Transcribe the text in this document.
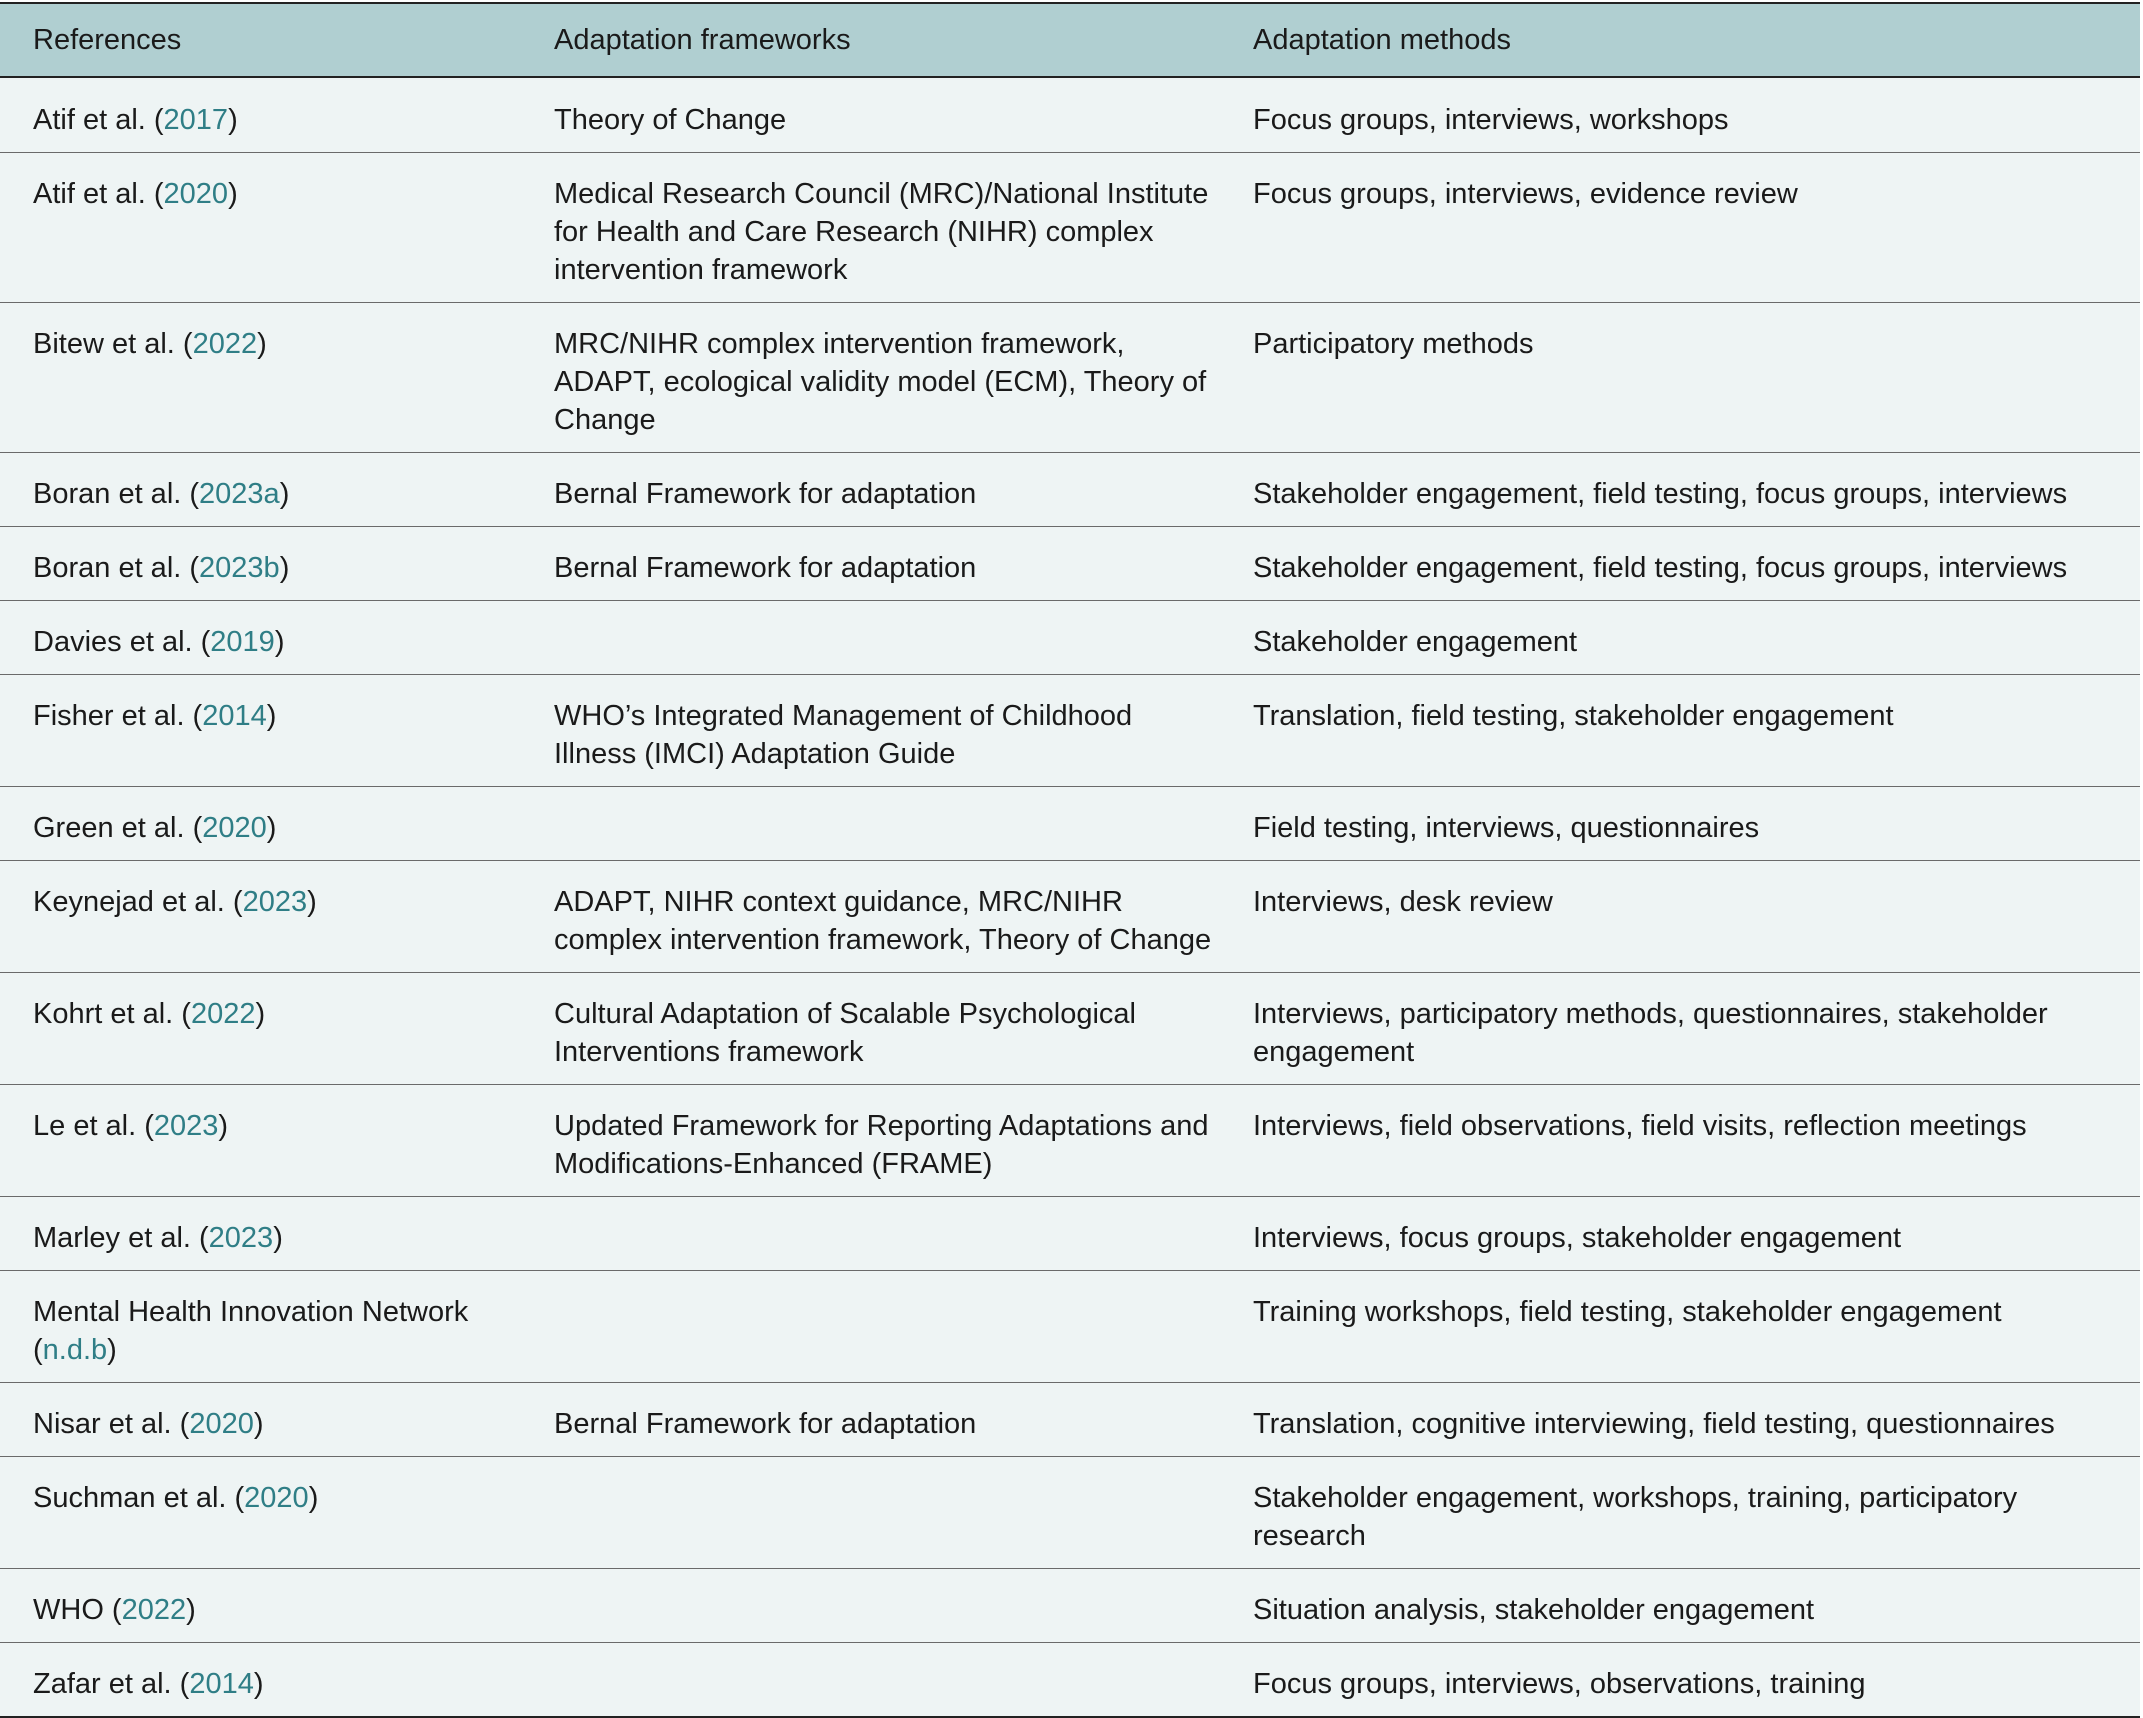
References	Adaptation frameworks	Adaptation methods
Atif et al. (2017)	Theory of Change	Focus groups, interviews, workshops
Atif et al. (2020)	Medical Research Council (MRC)/National Institute for Health and Care Research (NIHR) complex intervention framework	Focus groups, interviews, evidence review
Bitew et al. (2022)	MRC/NIHR complex intervention framework, ADAPT, ecological validity model (ECM), Theory of Change	Participatory methods
Boran et al. (2023a)	Bernal Framework for adaptation	Stakeholder engagement, field testing, focus groups, interviews
Boran et al. (2023b)	Bernal Framework for adaptation	Stakeholder engagement, field testing, focus groups, interviews
Davies et al. (2019)		Stakeholder engagement
Fisher et al. (2014)	WHO’s Integrated Management of Childhood Illness (IMCI) Adaptation Guide	Translation, field testing, stakeholder engagement
Green et al. (2020)		Field testing, interviews, questionnaires
Keynejad et al. (2023)	ADAPT, NIHR context guidance, MRC/NIHR complex intervention framework, Theory of Change	Interviews, desk review
Kohrt et al. (2022)	Cultural Adaptation of Scalable Psychological Interventions framework	Interviews, participatory methods, questionnaires, stakeholder engagement
Le et al. (2023)	Updated Framework for Reporting Adaptations and Modifications-Enhanced (FRAME)	Interviews, field observations, field visits, reflection meetings
Marley et al. (2023)		Interviews, focus groups, stakeholder engagement
Mental Health Innovation Network (n.d.b)		Training workshops, field testing, stakeholder engagement
Nisar et al. (2020)	Bernal Framework for adaptation	Translation, cognitive interviewing, field testing, questionnaires
Suchman et al. (2020)		Stakeholder engagement, workshops, training, participatory research
WHO (2022)		Situation analysis, stakeholder engagement
Zafar et al. (2014)		Focus groups, interviews, observations, training
